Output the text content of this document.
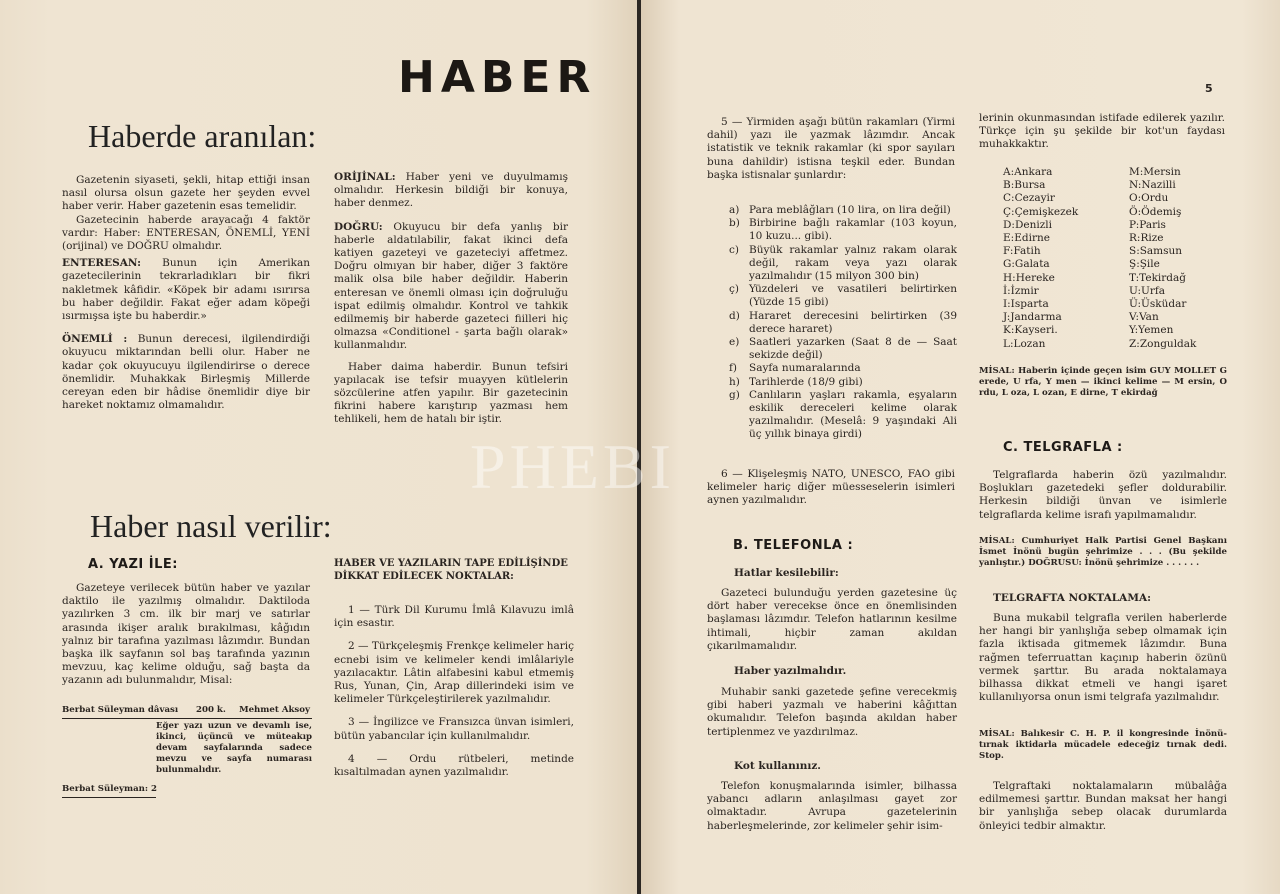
HABER
Haberde aranılan:

Gazetenin siyaseti, şekli, hitap ettiği insan nasıl olursa olsun gazete her şeyden evvel haber verir. Haber gazetenin esas temelidir.

Gazetecinin haberde arayacağı 4 faktör vardır: Haber: ENTERESAN, ÖNEMLİ, YENİ (orijinal) ve DOĞRU olmalıdır.

ENTERESAN: Bunun için Amerikan gazetecilerinin tekrarladıkları bir fikri nakletmek kâfidir. «Köpek bir adamı ısırırsa bu haber değildir. Fakat eğer adam köpeği ısırmışsa işte bu haberdir.»

ÖNEMLİ : Bunun derecesi, ilgilendirdiği okuyucu miktarından belli olur. Haber ne kadar çok okuyucuyu ilgilendirirse o derece önemlidir. Muhakkak Birleşmiş Millerde cereyan eden bir hâdise önemlidir diye bir hareket noktamız olmamalıdır.

ORİJİNAL: Haber yeni ve duyulmamış olmalıdır. Herkesin bildiği bir konuya, haber denmez.

DOĞRU: Okuyucu bir defa yanlış bir haberle aldatılabilir, fakat ikinci defa katiyen gazeteyi ve gazeteciyi affetmez. Doğru olmıyan bir haber, diğer 3 faktöre malik olsa bile haber değildir. Haberin enteresan ve önemli olması için doğruluğu ispat edilmiş olmalıdır. Kontrol ve tahkik edilmemiş bir haberde gazeteci fiilleri hiç olmazsa «Conditionel - şarta bağlı olarak» kullanmalıdır.

Haber daima haberdir. Bunun tefsiri yapılacak ise tefsir muayyen kütlelerin sözcülerine atfen yapılır. Bir gazetecinin fikrini habere karıştırıp yazması hem tehlikeli, hem de hatalı bir iştir.

Haber nasıl verilir:
A. YAZI İLE:

Gazeteye verilecek bütün haber ve yazılar daktilo ile yazılmış olmalıdır. Daktiloda yazılırken 3 cm. ilk bir marj ve satırlar arasında ikişer aralık bırakılması, kâğıdın yalnız bir tarafına yazılması lâzımdır. Bundan başka ilk sayfanın sol baş tarafında yazının mevzuu, kaç kelime olduğu, sağ başta da yazanın adı bulunmalıdır, Misal:

Berbat Süleyman dâvası 200 k. Mehmet Aksoy
Eğer yazı uzun ve devamlı ise, ikinci, üçüncü ve müteakıp devam sayfalarında sadece mevzu ve sayfa numarası bulunmalıdır.
Berbat Süleyman: 2
HABER VE YAZILARIN TAPE EDİLİŞİNDE DİKKAT EDİLECEK NOKTALAR:

1 — Türk Dil Kurumu İmlâ Kılavuzu imlâ için esastır.

2 — Türkçeleşmiş Frenkçe kelimeler hariç ecnebi isim ve kelimeler kendi imlâlariyle yazılacaktır. Lâtin alfabesini kabul etmemiş Rus, Yunan, Çin, Arap dillerindeki isim ve kelimeler Türkçeleştirilerek yazılmalıdır.

3 — İngilizce ve Fransızca ünvan isimleri, bütün yabancılar için kullanılmalıdır.

4 — Ordu rütbeleri, metinde kısaltılmadan aynen yazılmalıdır.

5

5 — Yirmiden aşağı bütün rakamları (Yirmi dahil) yazı ile yazmak lâzımdır. Ancak istatistik ve teknik rakamlar (ki spor sayıları buna dahildir) istisna teşkil eder. Bundan başka istisnalar şunlardır:

a) Para meblâğları (10 lira, on lira değil)
b) Birbirine bağlı rakamlar (103 koyun, 10 kuzu... gibi).
c) Büyük rakamlar yalnız rakam olarak değil, rakam veya yazı olarak yazılmalıdır (15 milyon 300 bin)
ç) Yüzdeleri ve vasatileri belirtirken (Yüzde 15 gibi)
d) Hararet derecesini belirtirken (39 derece hararet)
e) Saatleri yazarken (Saat 8 de — Saat sekizde değil)
f) Sayfa numaralarında
h) Tarihlerde (18/9 gibi)
g) Canlıların yaşları rakamla, eşyaların eskilik dereceleri kelime olarak yazılmalıdır. (Meselâ: 9 yaşındaki Ali üç yıllık binaya girdi)

6 — Klişeleşmiş NATO, UNESCO, FAO gibi kelimeler hariç diğer müesseselerin isimleri aynen yazılmalıdır.

B. TELEFONLA :
Hatlar kesilebilir:

Gazeteci bulunduğu yerden gazetesine üç dört haber verecekse önce en önemlisinden başlaması lâzımdır. Telefon hatlarının kesilme ihtimali, hiçbir zaman akıldan çıkarılmamalıdır.

Haber yazılmalıdır.

Muhabir sanki gazetede şefine verecekmiş gibi haberi yazmalı ve haberini kâğıttan okumalıdır. Telefon başında akıldan haber tertiplenmez ve yazdırılmaz.

Kot kullanınız.

Telefon konuşmalarında isimler, bilhassa yabancı adların anlaşılması gayet zor olmaktadır. Avrupa gazetelerinin haberleşmelerinde, zor kelimeler şehir isim-

lerinin okunmasından istifade edilerek yazılır. Türkçe için şu şekilde bir kot'un faydası muhakkaktır.

A:Ankara
B:Bursa
C:Cezayir
Ç:Çemişkezek
D:Denizli
E:Edirne
F:Fatih
G:Galata
H:Hereke
İ:İzmir
I:Isparta
J:Jandarma
K:Kayseri.
L:Lozan
M:Mersin
N:Nazilli
O:Ordu
Ö:Ödemiş
P:Paris
R:Rize
S:Samsun
Ş:Şile
T:Tekirdağ
U:Urfa
Ü:Üsküdar
V:Van
Y:Yemen
Z:Zonguldak
MİSAL: Haberin içinde geçen isim GUY MOLLET G erede, U rfa, Y men — ikinci kelime — M ersin, O rdu, L oza, L ozan, E dirne, T ekirdağ
C. TELGRAFLA :

Telgraflarda haberin özü yazılmalıdır. Boşlukları gazetedeki şefler doldurabilir. Herkesin bildiği ünvan ve isimlerle telgraflarda kelime israfı yapılmamalıdır.

MİSAL: Cumhuriyet Halk Partisi Genel Başkanı İsmet İnönü bugün şehrimize . . . (Bu şekilde yanlıştır.) DOĞRUSU: İnönü şehrimize . . . . . .
TELGRAFTA NOKTALAMA:

Buna mukabil telgrafla verilen haberlerde her hangi bir yanlışlığa sebep olmamak için fazla iktisada gitmemek lâzımdır. Buna rağmen teferruattan kaçınıp haberin özünü vermek şarttır. Bu arada noktalamaya bilhassa dikkat etmeli ve hangi işaret kullanılıyorsa onun ismi telgrafa yazılmalıdır.

MİSAL: Balıkesir C. H. P. il kongresinde İnönü-tırnak iktidarla mücadele edeceğiz tırnak dedi. Stop.

Telgraftaki noktalamaların mübalâğa edilmemesi şarttır. Bundan maksat her hangi bir yanlışlığa sebep olacak durumlarda önleyici tedbir almaktır.

PHEBI
